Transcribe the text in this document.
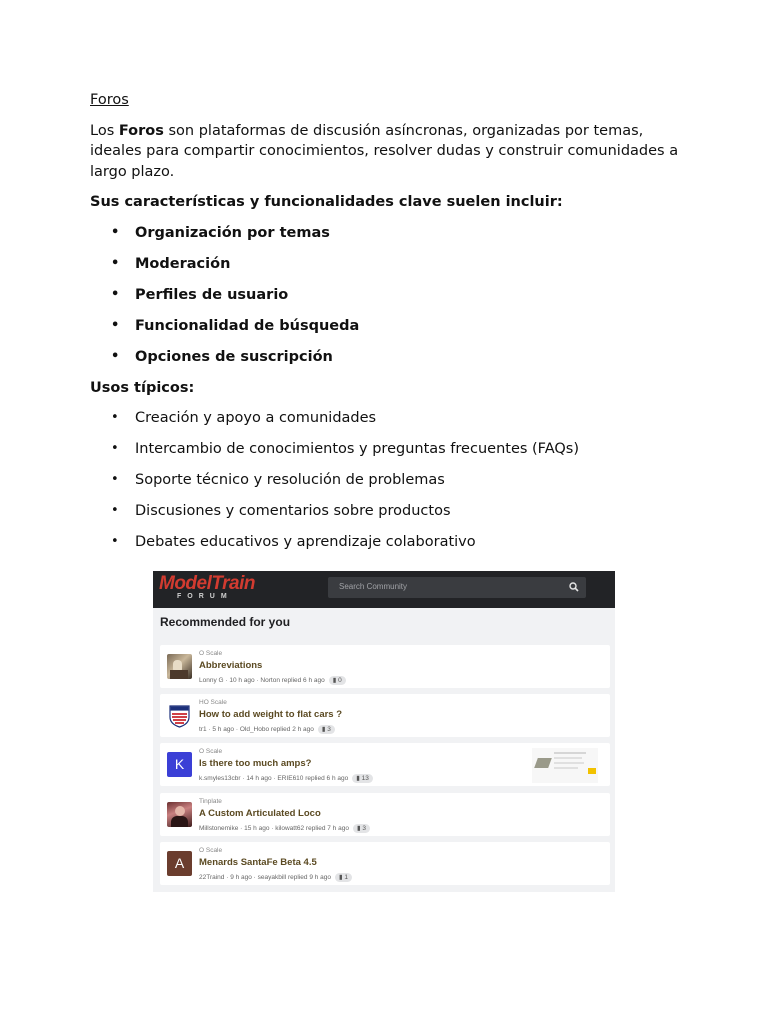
Foros

Los Foros son plataformas de discusión asíncronas, organizadas por temas, ideales para compartir conocimientos, resolver dudas y construir comunidades a largo plazo.

Sus características y funcionalidades clave suelen incluir:

• Organización por temas
• Moderación
• Perfiles de usuario
• Funcionalidad de búsqueda
• Opciones de suscripción

Usos típicos:

• Creación y apoyo a comunidades
• Intercambio de conocimientos y preguntas frecuentes (FAQs)
• Soporte técnico y resolución de problemas
• Discusiones y comentarios sobre productos
• Debates educativos y aprendizaje colaborativo
ModelTrain
FORUM
Search Community
Recommended for you
O Scale
Abbreviations
Lonny G · 10 h ago · Norton replied 6 h ago ▮ 0
HO Scale
How to add weight to flat cars ?
tr1 · 5 h ago · Old_Hobo replied 2 h ago ▮ 3
K
O Scale
Is there too much amps?
k.smyles13cbr · 14 h ago · ERIE610 replied 6 h ago ▮ 13
Tinplate
A Custom Articulated Loco
Millstonemike · 15 h ago · kilowatt62 replied 7 h ago ▮ 3
A
O Scale
Menards SantaFe Beta 4.5
22Traind · 9 h ago · seayakbill replied 9 h ago ▮ 1
